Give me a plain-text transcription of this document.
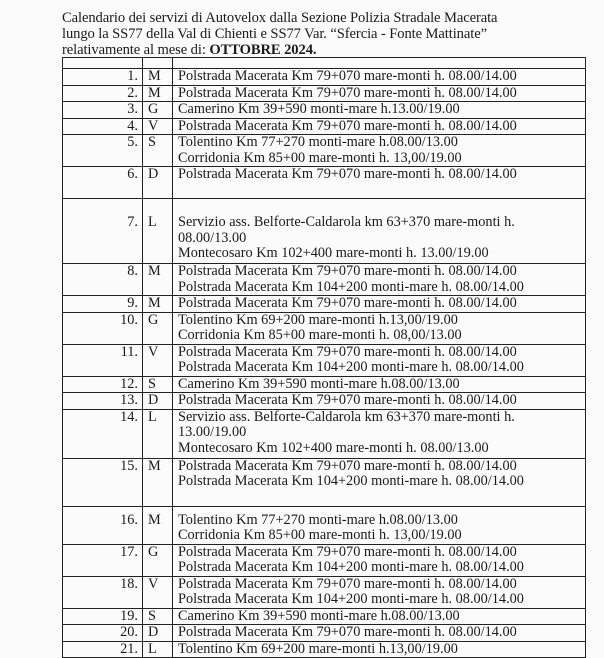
Calendario dei servizi di Autovelox dalla Sezione Polizia Stradale Macerata

lungo la SS77 della Val di Chienti e SS77 Var. “Sfercia - Fonte Mattinate”

relativamente al mese di: OTTOBRE 2024.

1.	M	Polstrada Macerata Km 79+070 mare-monti h. 08.00/14.00

2.	M	Polstrada Macerata Km 79+070 mare-monti h. 08.00/14.00

3.	G	Camerino Km 39+590 monti-mare h.13.00/19.00

4.	V	Polstrada Macerata Km 79+070 mare-monti h. 08.00/14.00

5.	S	Tolentino Km 77+270 monti-mare h.08.00/13.00
Corridonia Km 85+00 mare-monti h. 13,00/19.00

6.	D	Polstrada Macerata Km 79+070 mare-monti h. 08.00/14.00

7.	L	Servizio ass. Belforte-Caldarola km 63+370 mare-monti h. 08.00/13.00
Montecosaro Km 102+400 mare-monti h. 13.00/19.00

8.	M	Polstrada Macerata Km 79+070 mare-monti h. 08.00/14.00
Polstrada Macerata Km 104+200 monti-mare h. 08.00/14.00

9.	M	Polstrada Macerata Km 79+070 mare-monti h. 08.00/14.00

10.	G	Tolentino Km 69+200 mare-monti h.13,00/19.00
Corridonia Km 85+00 mare-monti h. 08,00/13.00

11.	V	Polstrada Macerata Km 79+070 mare-monti h. 08.00/14.00
Polstrada Macerata Km 104+200 monti-mare h. 08.00/14.00

12.	S	Camerino Km 39+590 monti-mare h.08.00/13.00

13.	D	Polstrada Macerata Km 79+070 mare-monti h. 08.00/14.00

14.	L	Servizio ass. Belforte-Caldarola km 63+370 mare-monti h. 13.00/19.00
Montecosaro Km 102+400 mare-monti h. 08.00/13.00

15.	M	Polstrada Macerata Km 79+070 mare-monti h. 08.00/14.00
Polstrada Macerata Km 104+200 monti-mare h. 08.00/14.00

16.	M	Tolentino Km 77+270 monti-mare h.08.00/13.00
Corridonia Km 85+00 mare-monti h. 13,00/19.00

17.	G	Polstrada Macerata Km 79+070 mare-monti h. 08.00/14.00
Polstrada Macerata Km 104+200 monti-mare h. 08.00/14.00

18.	V	Polstrada Macerata Km 79+070 mare-monti h. 08.00/14.00
Polstrada Macerata Km 104+200 monti-mare h. 08.00/14.00

19.	S	Camerino Km 39+590 monti-mare h.08.00/13.00

20.	D	Polstrada Macerata Km 79+070 mare-monti h. 08.00/14.00

21.	L	Tolentino Km 69+200 mare-monti h.13,00/19.00
